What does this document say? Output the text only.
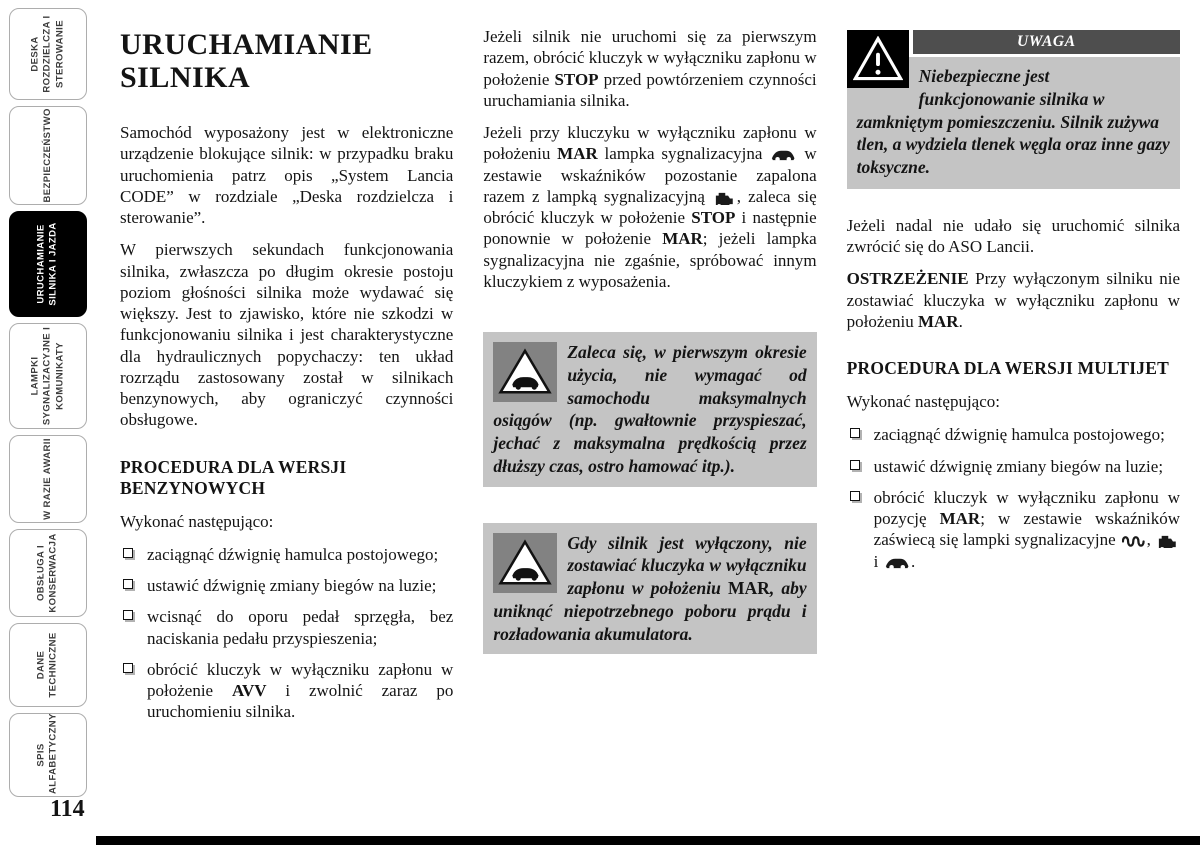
DESKA ROZDZIELCZA I STEROWANIE
BEZPIECZEŃSTWO
URUCHAMIANIE SILNIKA I JAZDA
LAMPKI SYGNALIZACYJNE I KOMUNIKATY
W RAZIE AWARII
OBSŁUGA I KONSERWACJA
DANE TECHNICZNE
SPIS ALFABETYCZNY
114
URUCHAMIANIE SILNIKA

Samochód wyposażony jest w elektroniczne urządzenie blokujące silnik: w przypadku braku uruchomienia patrz opis „System Lancia CODE” w rozdziale „Deska rozdzielcza i sterowanie”.

W pierwszych sekundach funkcjonowania silnika, zwłaszcza po długim okresie postoju poziom głośności silnika może wydawać się większy. Jest to zjawisko, które nie szkodzi w funkcjonowaniu silnika i jest charakterystyczne dla hydraulicznych popychaczy: ten układ rozrządu zastosowany został w silnikach benzynowych, aby ograniczyć czynności obsługowe.

PROCEDURA DLA WERSJI BENZYNOWYCH

Wykonać następująco:

zaciągnąć dźwignię hamulca postojowego;
ustawić dźwignię zmiany biegów na luzie;
wcisnąć do oporu pedał sprzęgła, bez naciskania pedału przyspieszenia;
obrócić kluczyk w wyłączniku zapłonu w położenie AVV i zwolnić zaraz po uruchomieniu silnika.

Jeżeli silnik nie uruchomi się za pierwszym razem, obrócić kluczyk w wyłączniku zapłonu w położenie STOP przed powtórzeniem czynności uruchamiania silnika.

Jeżeli przy kluczyku w wyłączniku zapłonu w położeniu MAR lampka sygnalizacyjna  w zestawie wskaźników pozostanie zapalona razem z lampką sygnalizacyjną , zaleca się obrócić kluczyk w położenie STOP i następnie ponownie w położenie MAR; jeżeli lampka sygnalizacyjna nie zgaśnie, spróbować innym kluczykiem z wyposażenia.

Zaleca się, w pierwszym okresie użycia, nie wymagać od samochodu maksymalnych osiągów (np. gwałtownie przyspieszać, jechać z maksymalna prędkością przez dłuższy czas, ostro hamować itp.).
Gdy silnik jest wyłączony, nie zostawiać kluczyka w wyłączniku zapłonu w położeniu MAR, aby uniknąć niepotrzebnego poboru prądu i rozładowania akumulatora.
UWAGA
Niebezpieczne jest funkcjonowanie silnika w zamkniętym pomieszczeniu. Silnik zużywa tlen, a wydziela tlenek węgla oraz inne gazy toksyczne.

Jeżeli nadal nie udało się uruchomić silnika zwrócić się do ASO Lancii.

OSTRZEŻENIE Przy wyłączonym silniku nie zostawiać kluczyka w wyłączniku zapłonu w położeniu MAR.

PROCEDURA DLA WERSJI MULTIJET

Wykonać następująco:

zaciągnąć dźwignię hamulca postojowego;
ustawić dźwignię zmiany biegów na luzie;
obrócić kluczyk w wyłączniku zapłonu w pozycję MAR; w zestawie wskaźników zaświecą się lampki sygnalizacyjne ,  i .
